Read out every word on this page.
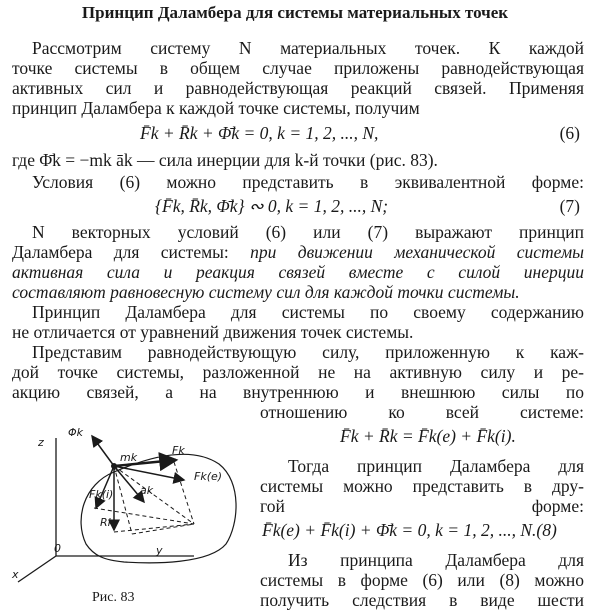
Принцип Даламбера для системы материальных точек
Рассмотрим систему N материальных точек. К каждой
точке системы в общем случае приложены равнодействующая
активных сил и равнодействующая реакций связей. Применяя
принцип Даламбера к каждой точке системы, получим
F̄k + R̄k + Φ̄k = 0, k = 1, 2, ..., N,	(6)
где Φ̄k = −mk āk — сила инерции для k-й точки (рис. 83).
Условия (6) можно представить в эквивалентной форме:
{F̄k, R̄k, Φ̄k} ∾ 0, k = 1, 2, ..., N;	(7)
N векторных условий (6) или (7) выражают принцип
Даламбера для системы: при движении механической системы
активная сила и реакция связей вместе с силой инерции
составляют равновесную систему сил для каждой точки системы.
Принцип Даламбера для системы по своему содержанию
не отличается от уравнений движения точек системы.
Представим равнодействующую силу, приложенную к каж-
дой точке системы, разложенной не на активную силу и ре-
акцию связей, а на внутреннюю и внешнюю силы по
отношению ко всей системе:
F̄k + R̄k = F̄k(e) + F̄k(i).
Тогда принцип Даламбера для
системы можно представить в дру-
гой форме:
F̄k(e) + F̄k(i) + Φ̄k = 0, k = 1, 2, ..., N.(8)
Из принципа Даламбера для
системы в форме (6) или (8) можно
получить следствия в виде шести
z
y
x
0
Φk
mk
Fk
Fk(e)
Fk(i) ak
Rk
Рис. 83
